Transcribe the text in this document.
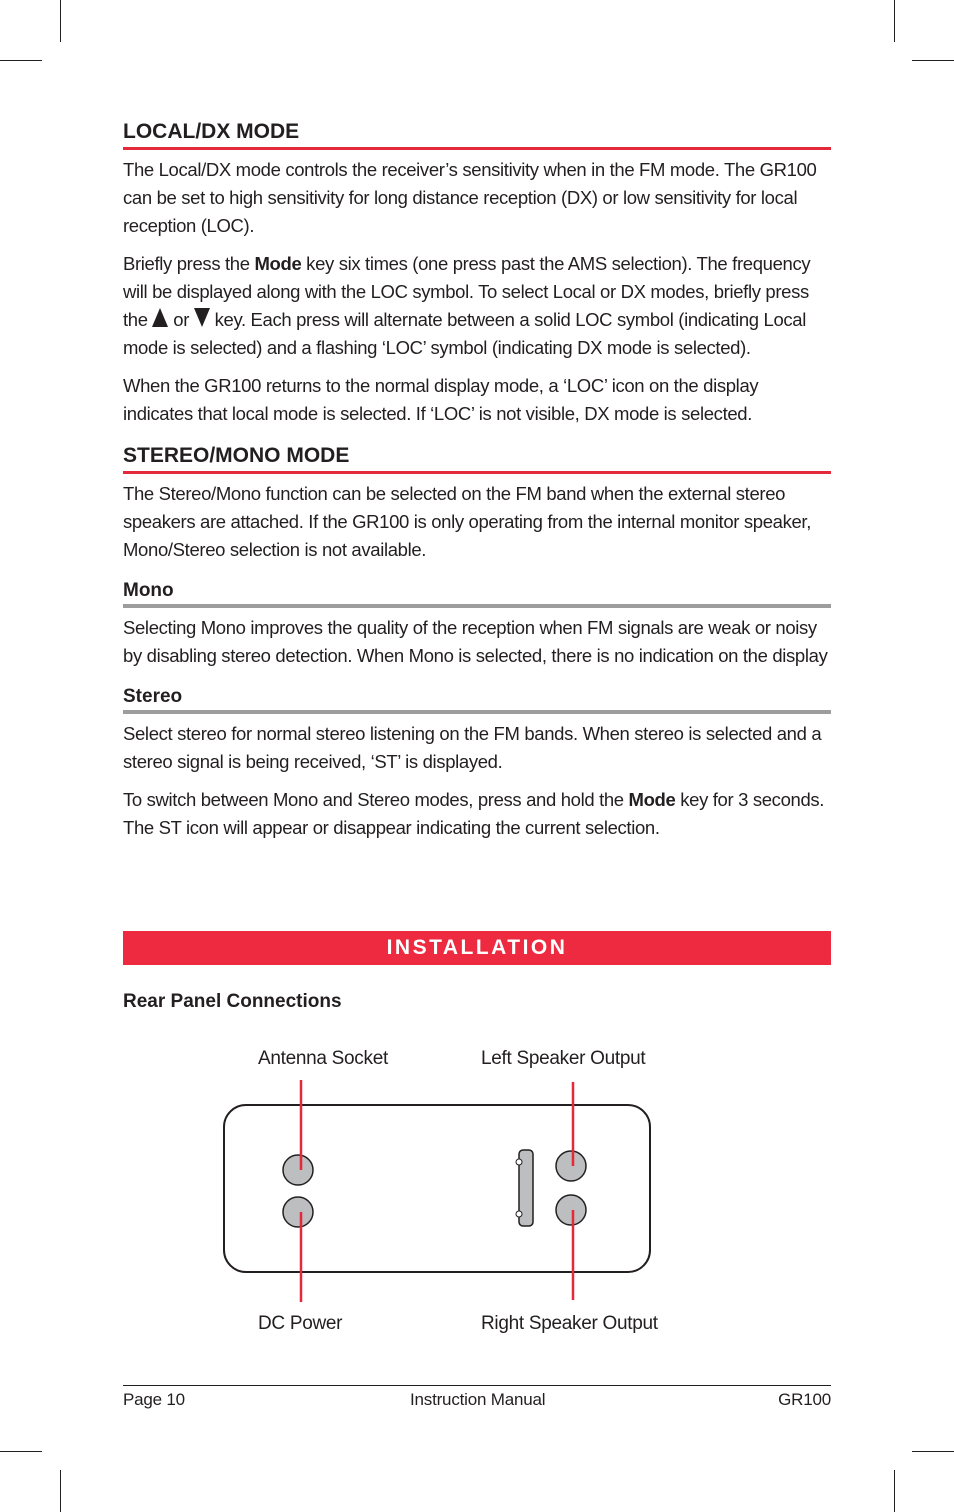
LOCAL/DX MODE

The Local/DX mode controls the receiver’s sensitivity when in the FM mode. The GR100 can be set to high sensitivity for long distance reception (DX) or low sensitivity for local reception (LOC).

Briefly press the Mode key six times (one press past the AMS selection). The frequency will be displayed along with the LOC symbol. To select Local or DX modes, briefly press the  or  key. Each press will alternate between a solid LOC symbol (indicating Local mode is selected) and a flashing ‘LOC’ symbol (indicating DX mode is selected).

When the GR100 returns to the normal display mode, a ‘LOC’ icon on the display indicates that local mode is selected. If ‘LOC’ is not visible, DX mode is selected.

STEREO/MONO MODE

The Stereo/Mono function can be selected on the FM band when the external stereo speakers are attached. If the GR100 is only operating from the internal monitor speaker, Mono/Stereo selection is not available.

Mono

Selecting Mono improves the quality of the reception when FM signals are weak or noisy by disabling stereo detection. When Mono is selected, there is no indication on the display

Stereo

Select stereo for normal stereo listening on the FM bands. When stereo is selected and a stereo signal is being received, ‘ST’ is displayed.

To switch between Mono and Stereo modes, press and hold the Mode key for 3 seconds. The ST icon will appear or disappear indicating the current selection.

INSTALLATION
Rear Panel Connections
Antenna Socket	Left Speaker Output
DC Power	Right Speaker Output
Page 10	Instruction Manual	GR100
